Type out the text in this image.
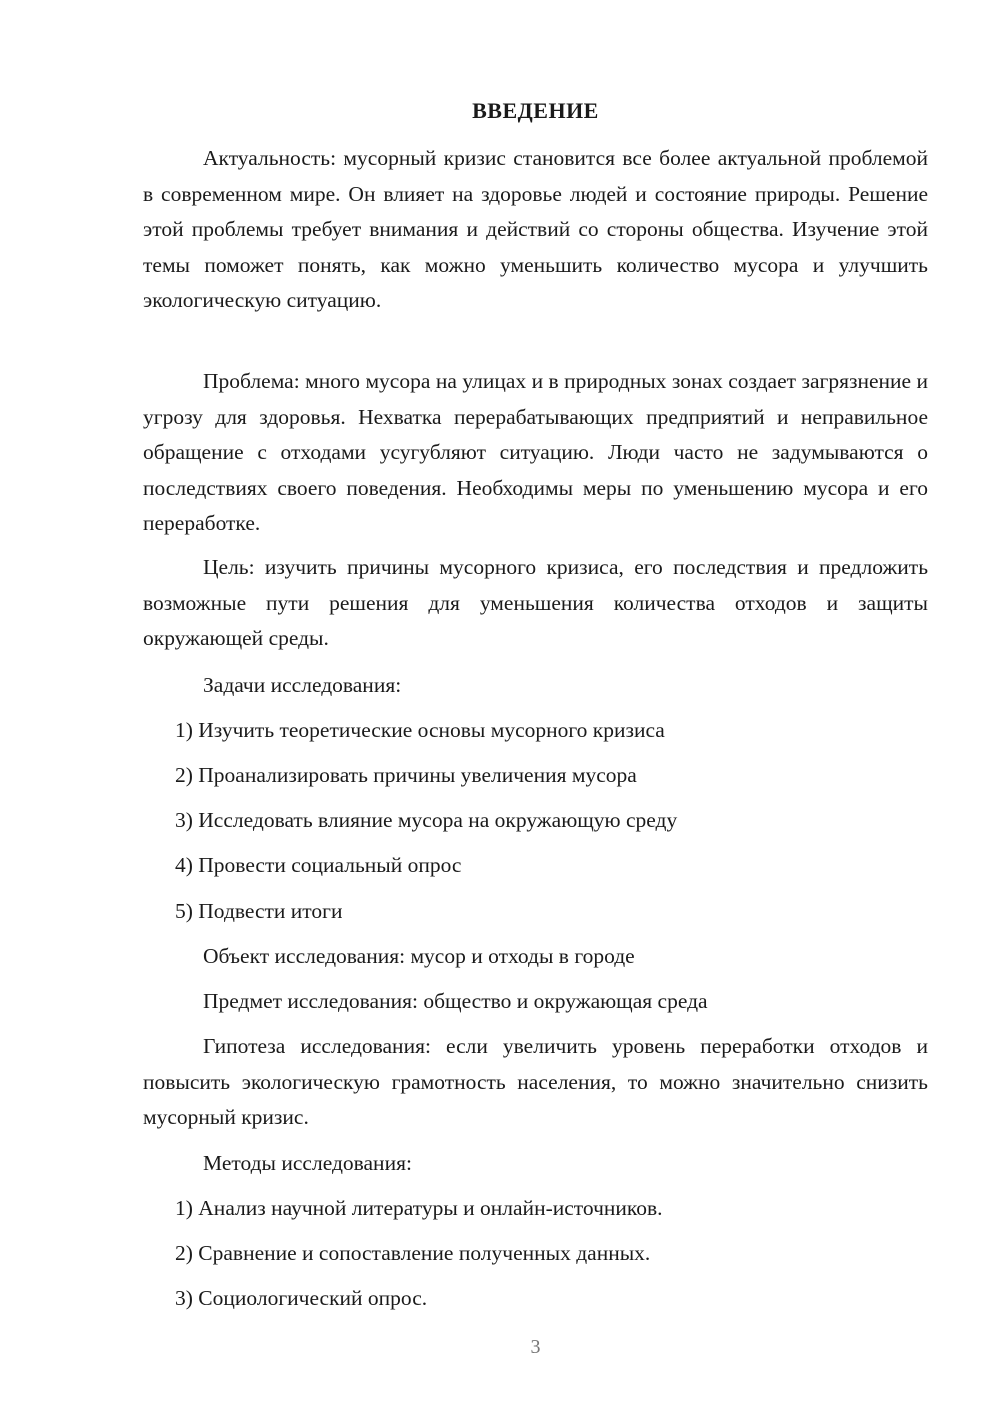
ВВЕДЕНИЕ

Актуальность: мусорный кризис становится все более актуальной проблемой в современном мире. Он влияет на здоровье людей и состояние природы. Решение этой проблемы требует внимания и действий со стороны общества. Изучение этой темы поможет понять, как можно уменьшить количество мусора и улучшить экологическую ситуацию.

Проблема: много мусора на улицах и в природных зонах создает загрязнение и угрозу для здоровья. Нехватка перерабатывающих предприятий и неправильное обращение с отходами усугубляют ситуацию. Люди часто не задумываются о последствиях своего поведения. Необходимы меры по уменьшению мусора и его переработке.

Цель: изучить причины мусорного кризиса, его последствия и предложить возможные пути решения для уменьшения количества отходов и защиты окружающей среды.

Задачи исследования:
1) Изучить теоретические основы мусорного кризиса
2) Проанализировать причины увеличения мусора
3) Исследовать влияние мусора на окружающую среду
4) Провести социальный опрос
5) Подвести итоги
Объект исследования: мусор и отходы в городе
Предмет исследования: общество и окружающая среда

Гипотеза исследования: если увеличить уровень переработки отходов и повысить экологическую грамотность населения, то можно значительно снизить мусорный кризис.

Методы исследования:
1) Анализ научной литературы и онлайн-источников.
2) Сравнение и сопоставление полученных данных.
3) Социологический опрос.
3
